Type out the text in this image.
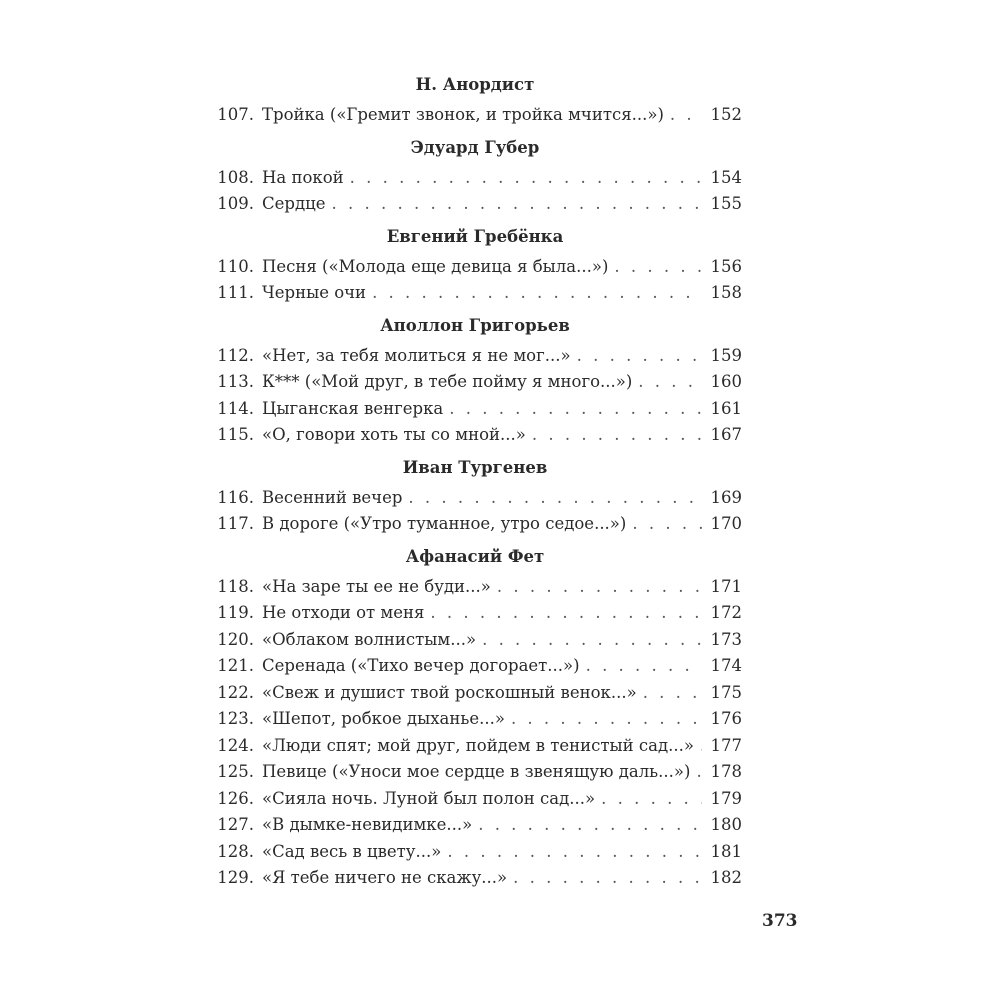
Н. Анордист
107. Тройка («Гремит звонок, и тройка мчится...») . . .	152
Эдуард Губер
108. На покой . . .	154
109. Сердце . . .	155
Евгений Гребёнка
110. Песня («Молода еще девица я была...») . . .	156
111. Черные очи . . .	158
Аполлон Григорьев
112. «Нет, за тебя молиться я не мог...» . . .	159
113. К*** («Мой друг, в тебе пойму я много...») . . .	160
114. Цыганская венгерка . . .	161
115. «О, говори хоть ты со мной...» . . .	167
Иван Тургенев
116. Весенний вечер . . .	169
117. В дороге («Утро туманное, утро седое...») . . .	170
Афанасий Фет
118. «На заре ты ее не буди...» . . .	171
119. Не отходи от меня . . .	172
120. «Облаком волнистым...» . . .	173
121. Серенада («Тихо вечер догорает...») . . .	174
122. «Свеж и душист твой роскошный венок...» . . .	175
123. «Шепот, робкое дыханье...» . . .	176
124. «Люди спят; мой друг, пойдем в тенистый сад...» . . . 177
125. Певице («Уноси мое сердце в звенящую даль...») . . . 178
126. «Сияла ночь. Луной был полон сад...» . . .	179
127. «В дымке-невидимке...» . . .	180
128. «Сад весь в цвету...» . . .	181
129. «Я тебе ничего не скажу...» . . .	182
373
